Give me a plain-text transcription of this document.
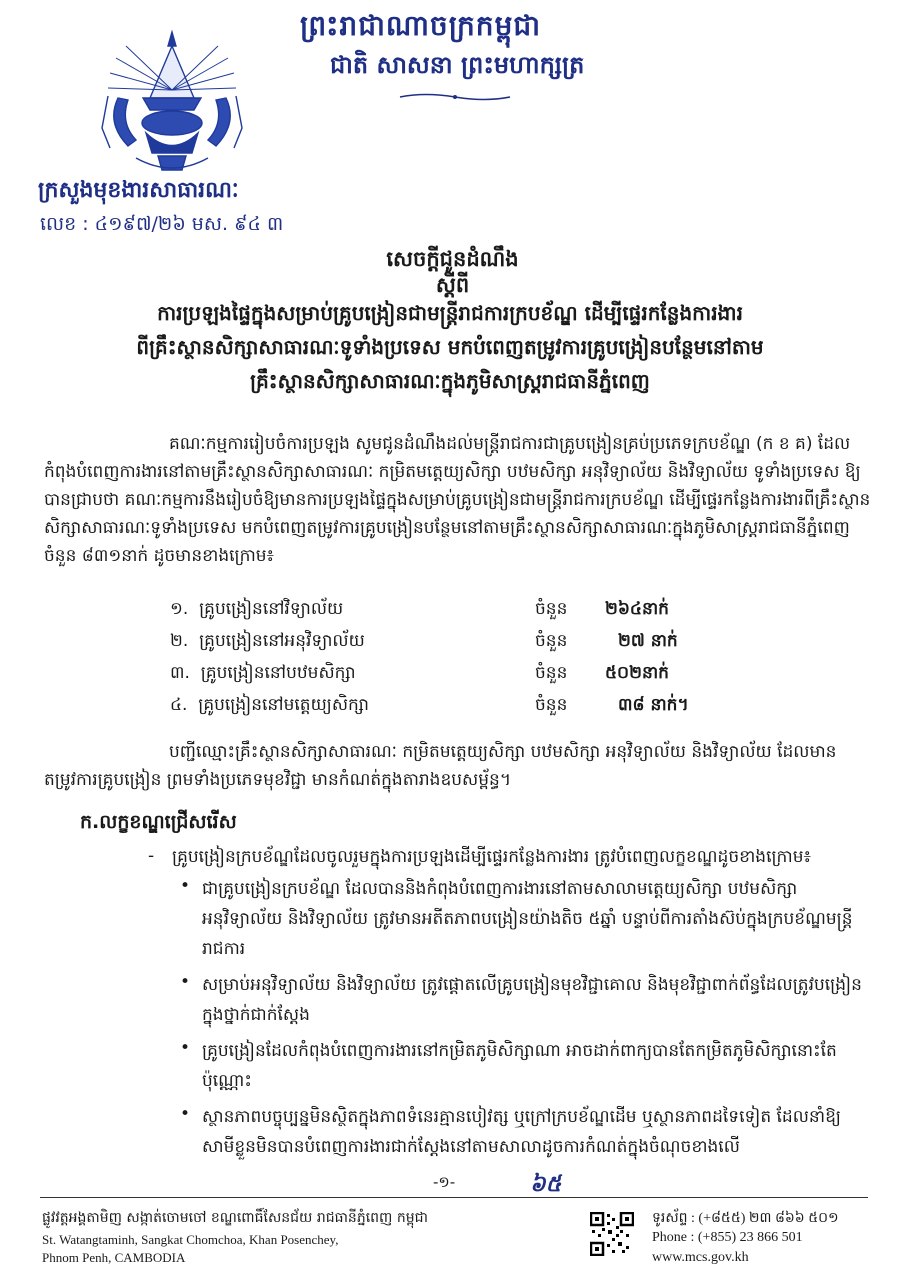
ព្រះរាជាណាចក្រកម្ពុជា
ជាតិ សាសនា ព្រះមហាក្សត្រ
ក្រសួងមុខងារសាធារណៈ
លេខ : ៤១៩៧/២៦ មស. ៩៤ ៣
សេចក្តីជូនដំណឹង
ស្តីពី
ការប្រឡងផ្ទៃក្នុងសម្រាប់គ្រូបង្រៀនជាមន្ត្រីរាជការក្របខ័ណ្ឌ ដើម្បីផ្ទេរកន្លែងការងារ
ពីគ្រឹះស្ថានសិក្សាសាធារណៈទូទាំងប្រទេស មកបំពេញតម្រូវការគ្រូបង្រៀនបន្ថែមនៅតាម
គ្រឹះស្ថានសិក្សាសាធារណៈក្នុងភូមិសាស្ត្ររាជធានីភ្នំពេញ
គណៈកម្មការរៀបចំការប្រឡង សូមជូនដំណឹងដល់មន្ត្រីរាជការជាគ្រូបង្រៀនគ្រប់ប្រភេទក្របខ័ណ្ឌ (ក ខ គ) ដែលកំពុងបំពេញការងារនៅតាមគ្រឹះស្ថានសិក្សាសាធារណៈ កម្រិតមត្តេយ្យសិក្សា បឋមសិក្សា អនុវិទ្យាល័យ និងវិទ្យាល័យ ទូទាំងប្រទេស ឱ្យបានជ្រាបថា គណៈកម្មការនឹងរៀបចំឱ្យមានការប្រឡងផ្ទៃក្នុងសម្រាប់គ្រូបង្រៀនជាមន្ត្រីរាជការក្របខ័ណ្ឌ ដើម្បីផ្ទេរកន្លែងការងារពីគ្រឹះស្ថានសិក្សាសាធារណៈទូទាំងប្រទេស មកបំពេញតម្រូវការគ្រូបង្រៀនបន្ថែមនៅតាមគ្រឹះស្ថានសិក្សាសាធារណៈក្នុងភូមិសាស្ត្ររាជធានីភ្នំពេញ ចំនួន ៨៣១នាក់ ដូចមានខាងក្រោម៖
១. គ្រូបង្រៀននៅវិទ្យាល័យ	ចំនួន ២៦៤នាក់
២. គ្រូបង្រៀននៅអនុវិទ្យាល័យ	ចំនួន	២៧ នាក់
៣. គ្រូបង្រៀននៅបឋមសិក្សា	ចំនួន ៥០២នាក់
៤. គ្រូបង្រៀននៅមត្តេយ្យសិក្សា	ចំនួន	៣៨ នាក់។
បញ្ជីឈ្មោះគ្រឹះស្ថានសិក្សាសាធារណៈ កម្រិតមត្តេយ្យសិក្សា បឋមសិក្សា អនុវិទ្យាល័យ និងវិទ្យាល័យ ដែលមានតម្រូវការគ្រូបង្រៀន ព្រមទាំងប្រភេទមុខវិជ្ជា មានកំណត់ក្នុងតារាងឧបសម្ព័ន្ធ។
ក.លក្ខខណ្ឌជ្រើសរើស
- គ្រូបង្រៀនក្របខ័ណ្ឌដែលចូលរួមក្នុងការប្រឡងដើម្បីផ្ទេរកន្លែងការងារ ត្រូវបំពេញលក្ខខណ្ឌដូចខាងក្រោម៖
• ជាគ្រូបង្រៀនក្របខ័ណ្ឌ ដែលបាននិងកំពុងបំពេញការងារនៅតាមសាលាមត្តេយ្យសិក្សា បឋមសិក្សា អនុវិទ្យាល័យ និងវិទ្យាល័យ ត្រូវមានអតីតភាពបង្រៀនយ៉ាងតិច ៥ឆ្នាំ បន្ទាប់ពីការតាំងស៊ប់ក្នុងក្របខ័ណ្ឌមន្ត្រីរាជការ
• សម្រាប់អនុវិទ្យាល័យ និងវិទ្យាល័យ ត្រូវផ្តោតលើគ្រូបង្រៀនមុខវិជ្ជាគោល និងមុខវិជ្ជាពាក់ព័ន្ធដែលត្រូវបង្រៀនក្នុងថ្នាក់ជាក់ស្តែង
• គ្រូបង្រៀនដែលកំពុងបំពេញការងារនៅកម្រិតភូមិសិក្សាណា អាចដាក់ពាក្យបានតែកម្រិតភូមិសិក្សានោះតែប៉ុណ្ណោះ
• ស្ថានភាពបច្ចុប្បន្នមិនស្ថិតក្នុងភាពទំនេរគ្មានបៀវត្ស ឬក្រៅក្របខ័ណ្ឌដើម ឬស្ថានភាពដទៃទៀត ដែលនាំឱ្យសាមីខ្លួនមិនបានបំពេញការងារជាក់ស្តែងនៅតាមសាលាដូចការកំណត់ក្នុងចំណុចខាងលើ
-១-	៦៥
ផ្លូវវត្តអង្គតាមិញ សង្កាត់ចោមចៅ ខណ្ឌពោធិ៍សែនជ័យ រាជធានីភ្នំពេញ កម្ពុជា
St. Watangtaminh, Sangkat Chomchoa, Khan Posenchey,
Phnom Penh, CAMBODIA
ទូរស័ព្ទ : (+៨៥៥) ២៣ ៨៦៦ ៥០១
Phone : (+855) 23 866 501
www.mcs.gov.kh
